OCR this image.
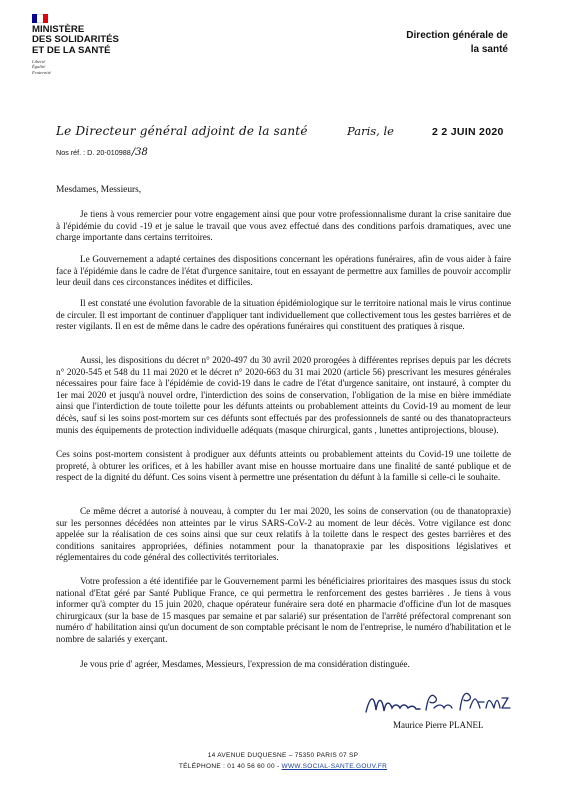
MINISTÈRE
DES SOLIDARITÉS
ET DE LA SANTÉ
Liberté
Égalité
Fraternité
Direction générale de
la santé
Le Directeur général adjoint de la santé	Paris, le	2 2 JUIN 2020
Nos réf. : D. 20-010988/38
Mesdames, Messieurs,

Je tiens à vous remercier pour votre engagement ainsi que pour votre professionnalisme durant la crise sanitaire due à l'épidémie du covid -19 et je salue le travail que vous avez effectué dans des conditions parfois dramatiques, avec une charge importante dans certains territoires.

Le Gouvernement a adapté certaines des dispositions concernant les opérations funéraires, afin de vous aider à faire face à l'épidémie dans le cadre de l'état d'urgence sanitaire, tout en essayant de permettre aux familles de pouvoir accomplir leur deuil dans ces circonstances inédites et difficiles.

Il est constaté une évolution favorable de la situation épidémiologique sur le territoire national mais le virus continue de circuler. Il est important de continuer d'appliquer tant individuellement que collectivement tous les gestes barrières et de rester vigilants. Il en est de même dans le cadre des opérations funéraires qui constituent des pratiques à risque.

Aussi, les dispositions du décret n° 2020-497 du 30 avril 2020 prorogées à différentes reprises depuis par les décrets n° 2020-545 et 548 du 11 mai 2020 et le décret n° 2020-663 du 31 mai 2020 (article 56) prescrivant les mesures générales nécessaires pour faire face à l'épidémie de covid-19 dans le cadre de l'état d'urgence sanitaire, ont instauré, à compter du 1er mai 2020 et jusqu'à nouvel ordre, l'interdiction des soins de conservation, l'obligation de la mise en bière immédiate ainsi que l'interdiction de toute toilette pour les défunts atteints ou probablement atteints du Covid-19 au moment de leur décès, sauf si les soins post-mortem sur ces défunts sont effectués par des professionnels de santé ou des thanatopracteurs munis des équipements de protection individuelle adéquats (masque chirurgical, gants , lunettes antiprojections, blouse).

Ces soins post-mortem consistent à prodiguer aux défunts atteints ou probablement atteints du Covid-19 une toilette de propreté, à obturer les orifices, et à les habiller avant mise en housse mortuaire dans une finalité de santé publique et de respect de la dignité du défunt. Ces soins visent à permettre une présentation du défunt à la famille si celle-ci le souhaite.

Ce même décret a autorisé à nouveau, à compter du 1er mai 2020, les soins de conservation (ou de thanatopraxie) sur les personnes décédées non atteintes par le virus SARS-CoV-2 au moment de leur décès. Votre vigilance est donc appelée sur la réalisation de ces soins ainsi que sur ceux relatifs à la toilette dans le respect des gestes barrières et des conditions sanitaires appropriées, définies notamment pour la thanatopraxie par les dispositions législatives et réglementaires du code général des collectivités territoriales.

Votre profession a été identifiée par le Gouvernement parmi les bénéficiaires prioritaires des masques issus du stock national d'Etat géré par Santé Publique France, ce qui permettra le renforcement des gestes barrières . Je tiens à vous informer qu'à compter du 15 juin 2020, chaque opérateur funéraire sera doté en pharmacie d'officine d'un lot de masques chirurgicaux (sur la base de 15 masques par semaine et par salarié) sur présentation de l'arrêté préfectoral comprenant son numéro d' habilitation ainsi qu'un document de son comptable précisant le nom de l'entreprise, le numéro d'habilitation et le nombre de salariés y exerçant.

Je vous prie d' agréer, Mesdames, Messieurs, l'expression de ma considération distinguée.

Maurice Pierre PLANEL
14 AVENUE DUQUESNE – 75350 PARIS 07 SP
TÉLÉPHONE : 01 40 56 60 00 - WWW.SOCIAL-SANTE.GOUV.FR
